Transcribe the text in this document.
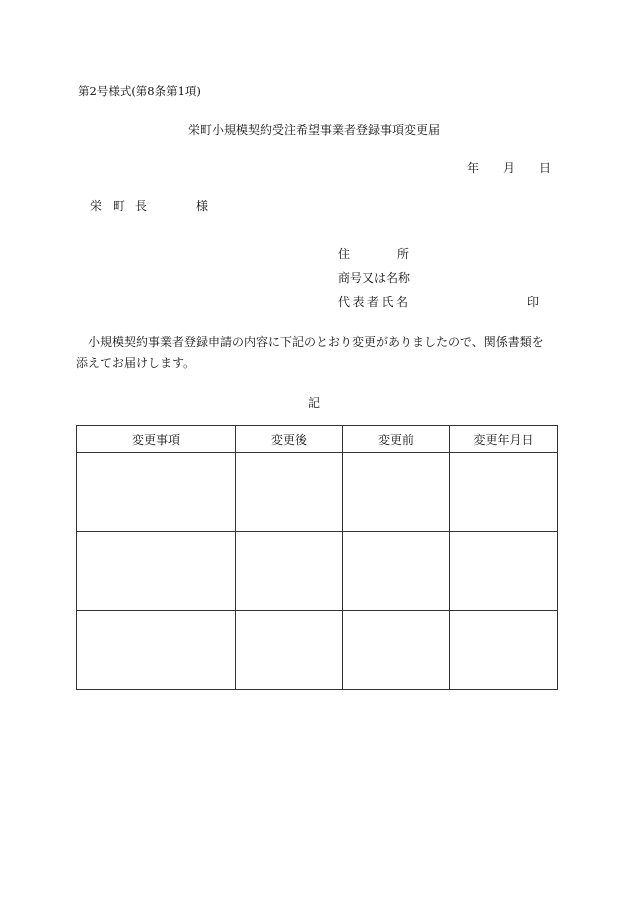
第2号様式(第8条第1項)
栄町小規模契約受注希望事業者登録事項変更届
年 月 日
栄 町 長	様
住	所
商号又は名称
代表者氏名	印
小規模契約事業者登録申請の内容に下記のとおり変更がありましたので、関係書類を添えてお届けします。
記
変更事項	変更後	変更前	変更年月日
